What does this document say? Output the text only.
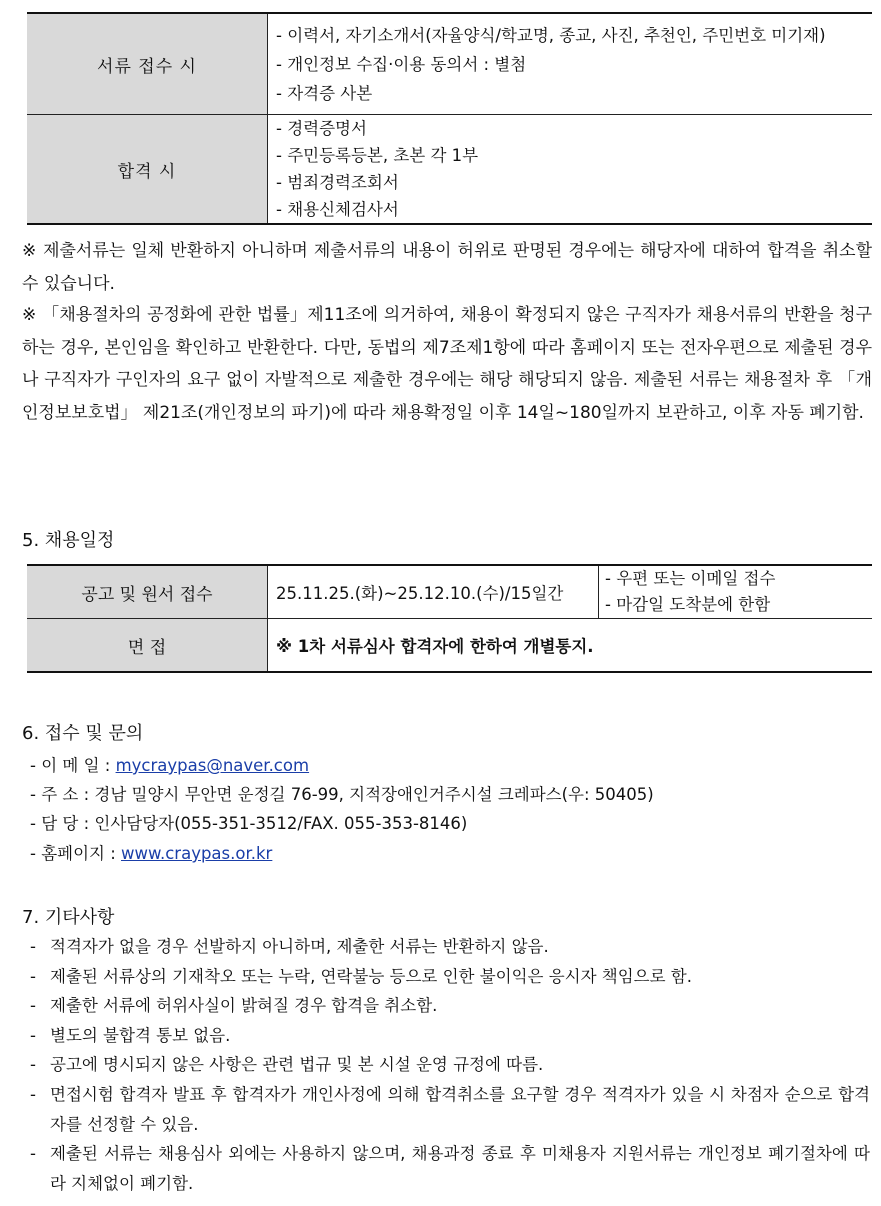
서류 접수 시	- 이력서, 자기소개서(자율양식/학교명, 종교, 사진, 추천인, 주민번호 미기재)
- 개인정보 수집·이용 동의서 : 별첨
- 자격증 사본

합격 시	- 경력증명서
- 주민등록등본, 초본 각 1부
- 범죄경력조회서
- 채용신체검사서
※ 제출서류는 일체 반환하지 아니하며 제출서류의 내용이 허위로 판명된 경우에는 해당자에 대하여 합격을 취소할 수 있습니다.
※ 「채용절차의 공정화에 관한 법률」제11조에 의거하여, 채용이 확정되지 않은 구직자가 채용서류의 반환을 청구하는 경우, 본인임을 확인하고 반환한다. 다만, 동법의 제7조제1항에 따라 홈페이지 또는 전자우편으로 제출된 경우나 구직자가 구인자의 요구 없이 자발적으로 제출한 경우에는 해당 해당되지 않음. 제출된 서류는 채용절차 후 「개인정보보호법」 제21조(개인정보의 파기)에 따라 채용확정일 이후 14일~180일까지 보관하고, 이후 자동 폐기함.
5. 채용일정
공고 및 원서 접수	25.11.25.(화)~25.12.10.(수)/15일간	- 우편 또는 이메일 접수
- 마감일 도착분에 한함

면 접	※ 1차 서류심사 합격자에 한하여 개별통지.	
6. 접수 및 문의
- 이 메 일 : mycraypas@naver.com
- 주 소 : 경남 밀양시 무안면 운정길 76-99, 지적장애인거주시설 크레파스(우: 50405)
- 담 당 : 인사담당자(055-351-3512/FAX. 055-353-8146)
- 홈페이지 : www.craypas.or.kr
7. 기타사항
- 적격자가 없을 경우 선발하지 아니하며, 제출한 서류는 반환하지 않음.
- 제출된 서류상의 기재착오 또는 누락, 연락불능 등으로 인한 불이익은 응시자 책임으로 함.
- 제출한 서류에 허위사실이 밝혀질 경우 합격을 취소함.
- 별도의 불합격 통보 없음.
- 공고에 명시되지 않은 사항은 관련 법규 및 본 시설 운영 규정에 따름.
- 면접시험 합격자 발표 후 합격자가 개인사정에 의해 합격취소를 요구할 경우 적격자가 있을 시 차점자 순으로 합격자를 선정할 수 있음.
- 제출된 서류는 채용심사 외에는 사용하지 않으며, 채용과정 종료 후 미채용자 지원서류는 개인정보 폐기절차에 따라 지체없이 폐기함.
